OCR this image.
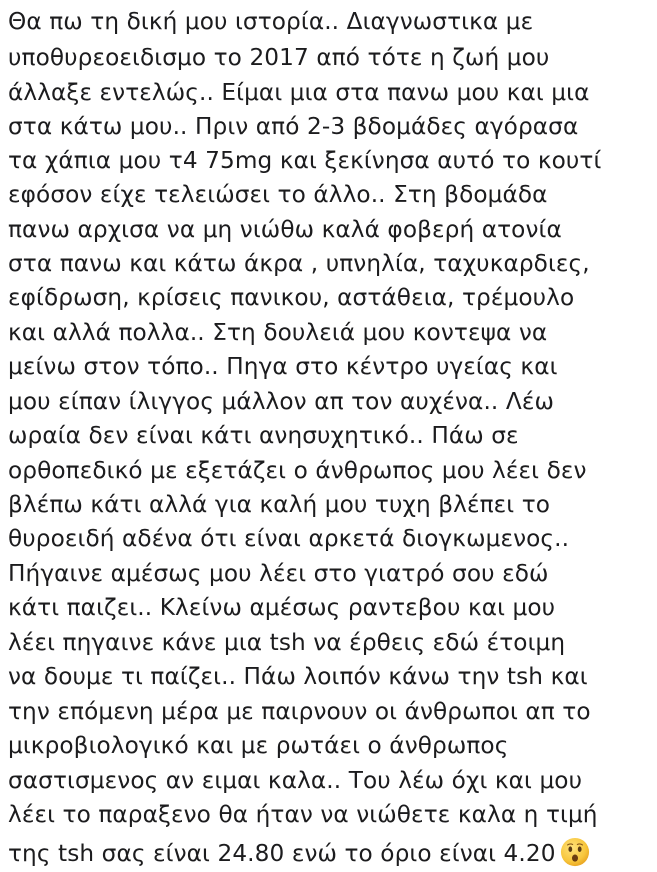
Θα πω τη δική μου ιστορία.. Διαγνωστικα με
υποθυρεοειδισμο το 2017 από τότε η ζωή μου
άλλαξε εντελώς.. Είμαι μια στα πανω μου και μια
στα κάτω μου.. Πριν από 2-3 βδομάδες αγόρασα
τα χάπια μου τ4 75mg και ξεκίνησα αυτό το κουτί
εφόσον είχε τελειώσει το άλλο.. Στη βδομάδα
πανω αρχισα να μη νιώθω καλά φοβερή ατονία
στα πανω και κάτω άκρα , υπνηλία, ταχυκαρδιες,
εφίδρωση, κρίσεις πανικου, αστάθεια, τρέμουλο
και αλλά πολλα.. Στη δουλειά μου κοντεψα να
μείνω στον τόπο.. Πηγα στο κέντρο υγείας και
μου είπαν ίλιγγος μάλλον απ τον αυχένα.. Λέω
ωραία δεν είναι κάτι ανησυχητικό.. Πάω σε
ορθοπεδικό με εξετάζει ο άνθρωπος μου λέει δεν
βλέπω κάτι αλλά για καλή μου τυχη βλέπει το
θυροειδή αδένα ότι είναι αρκετά διογκωμενος..
Πήγαινε αμέσως μου λέει στο γιατρό σου εδώ
κάτι παιζει.. Κλείνω αμέσως ραντεβου και μου
λέει πηγαινε κάνε μια tsh να έρθεις εδώ έτοιμη
να δουμε τι παίζει.. Πάω λοιπόν κάνω την tsh και
την επόμενη μέρα με παιρνουν οι άνθρωποι απ το
μικροβιολογικό και με ρωτάει ο άνθρωπος
σαστισμενος αν ειμαι καλα.. Του λέω όχι και μου
λέει το παραξενο θα ήταν να νιώθετε καλα η τιμή
της tsh σας είναι 24.80 ενώ το όριο είναι 4.20
